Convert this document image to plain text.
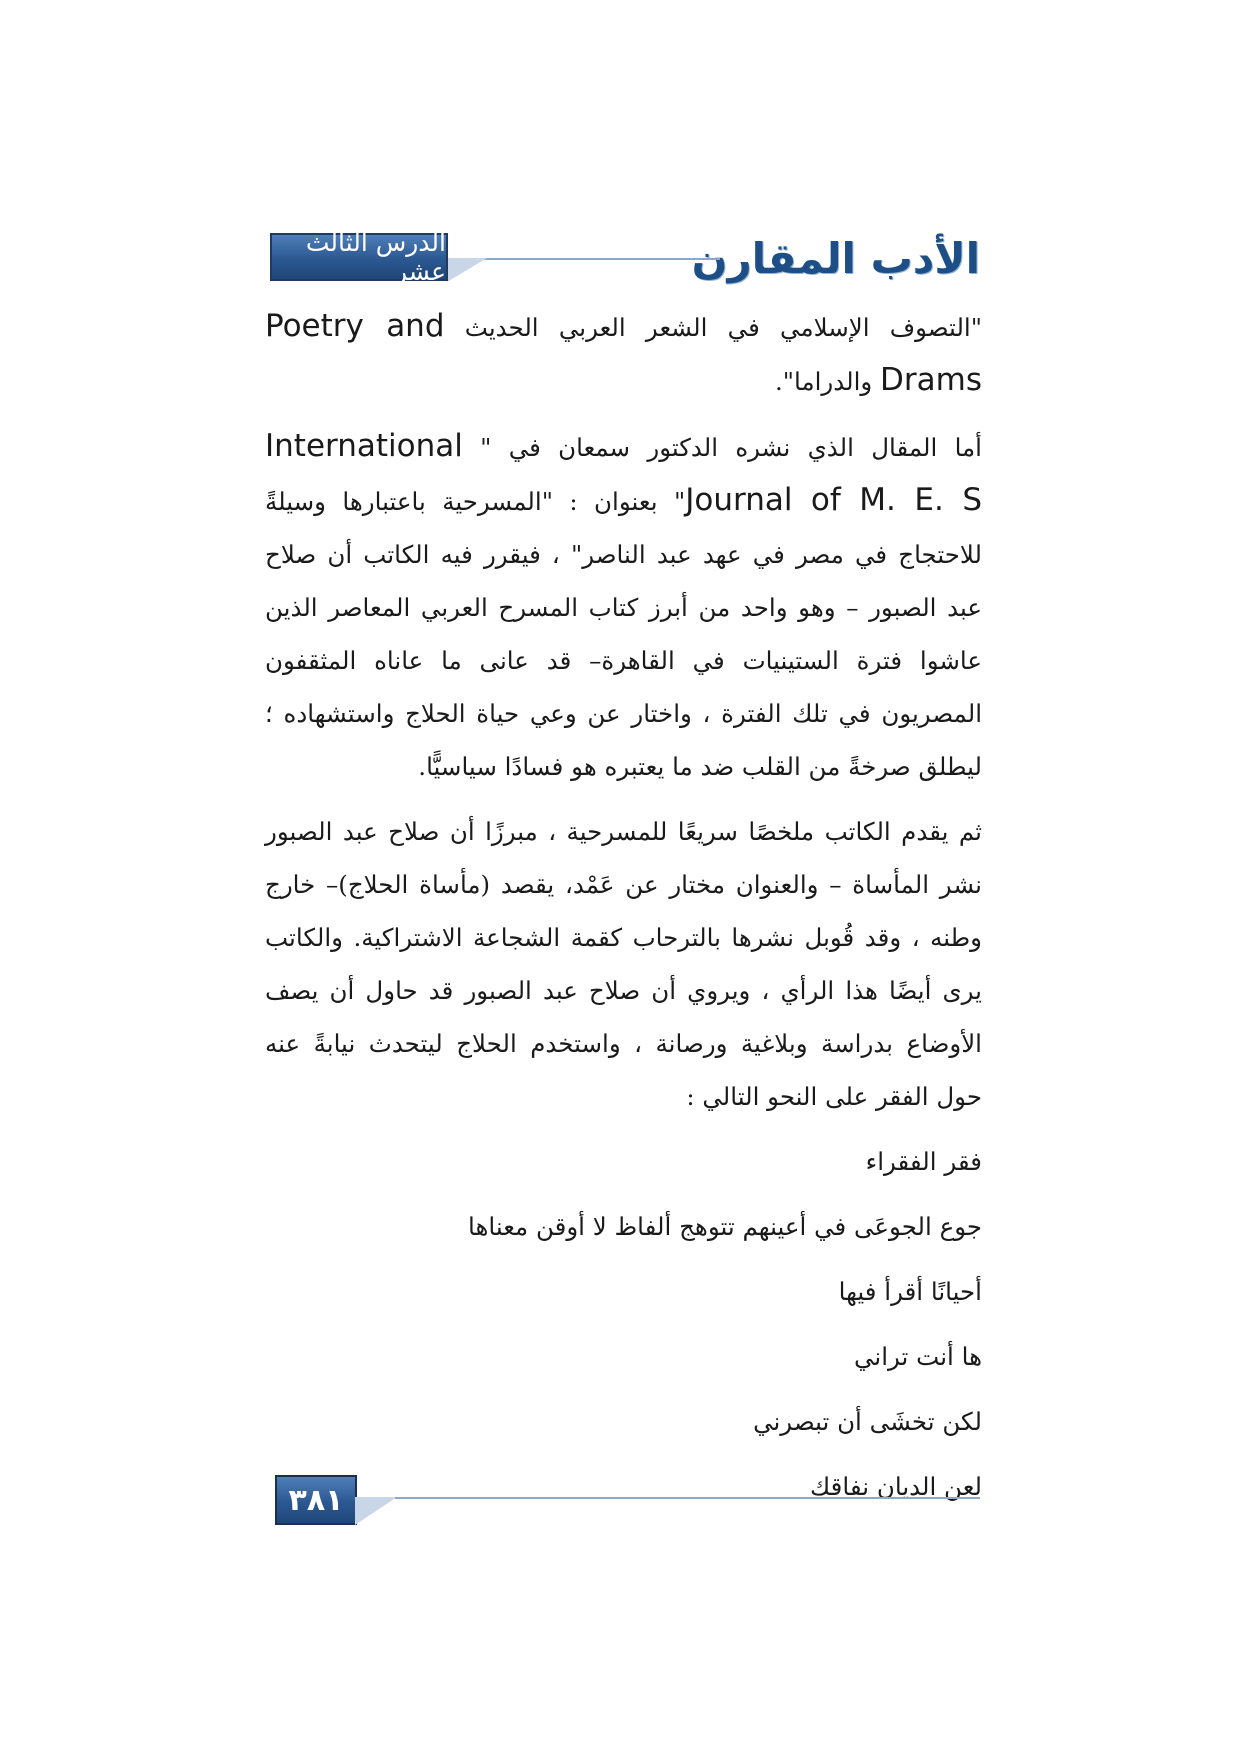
الأدب المقارن
الدرس الثالث عشر

"التصوف الإسلامي في الشعر العربي الحديث Poetry and Drams والدراما".

أما المقال الذي نشره الدكتور سمعان في " International Journal of M. E. S" بعنوان : "المسرحية باعتبارها وسيلةً للاحتجاج في مصر في عهد عبد الناصر" ، فيقرر فيه الكاتب أن صلاح عبد الصبور – وهو واحد من أبرز كتاب المسرح العربي المعاصر الذين عاشوا فترة الستينيات في القاهرة– قد عانى ما عاناه المثقفون المصريون في تلك الفترة ، واختار عن وعي حياة الحلاج واستشهاده ؛ ليطلق صرخةً من القلب ضد ما يعتبره هو فسادًا سياسيًّا.

ثم يقدم الكاتب ملخصًا سريعًا للمسرحية ، مبرزًا أن صلاح عبد الصبور نشر المأساة – والعنوان مختار عن عَمْد، يقصد (مأساة الحلاج)– خارج وطنه ، وقد قُوبل نشرها بالترحاب كقمة الشجاعة الاشتراكية. والكاتب يرى أيضًا هذا الرأي ، ويروي أن صلاح عبد الصبور قد حاول أن يصف الأوضاع بدراسة وبلاغية ورصانة ، واستخدم الحلاج ليتحدث نيابةً عنه حول الفقر على النحو التالي :

فقر الفقراء
جوع الجوعَى في أعينهم تتوهج ألفاظ لا أوقن معناها
أحيانًا أقرأ فيها
ها أنت تراني
لكن تخشَى أن تبصرني
لعن الديان نفاقك
٣٨١
